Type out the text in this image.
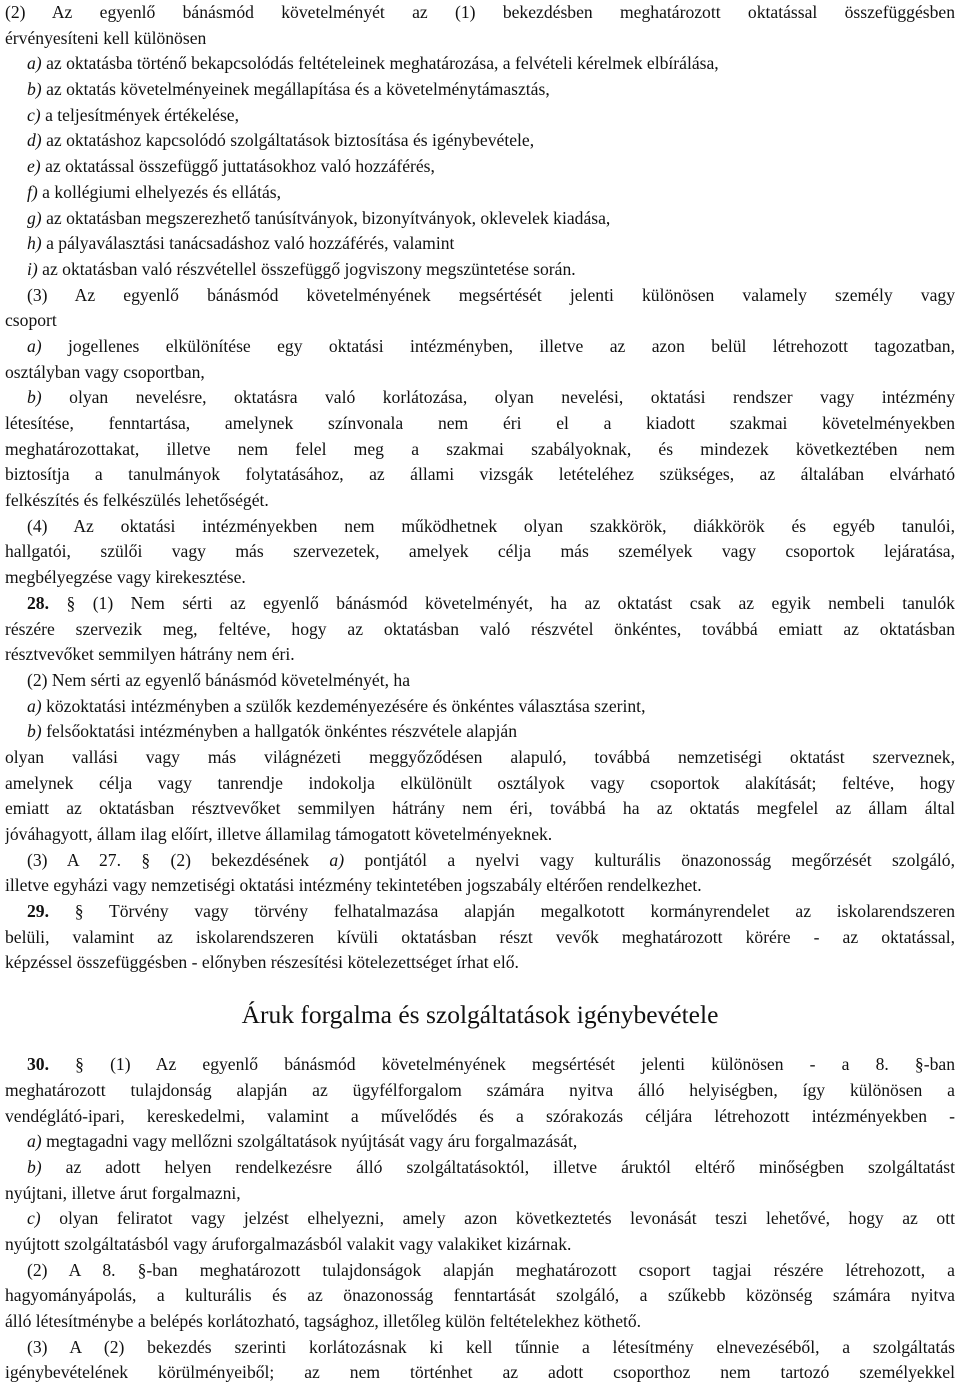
(2) Az egyenlő bánásmód követelményét az (1) bekezdésben meghatározott oktatással összefüggésben
érvényesíteni kell különösen
a) az oktatásba történő bekapcsolódás feltételeinek meghatározása, a felvételi kérelmek elbírálása,
b) az oktatás követelményeinek megállapítása és a követelménytámasztás,
c) a teljesítmények értékelése,
d) az oktatáshoz kapcsolódó szolgáltatások biztosítása és igénybevétele,
e) az oktatással összefüggő juttatásokhoz való hozzáférés,
f) a kollégiumi elhelyezés és ellátás,
g) az oktatásban megszerezhető tanúsítványok, bizonyítványok, oklevelek kiadása,
h) a pályaválasztási tanácsadáshoz való hozzáférés, valamint
i) az oktatásban való részvétellel összefüggő jogviszony megszüntetése során.
(3) Az egyenlő bánásmód követelményének megsértését jelenti különösen valamely személy vagy
csoport
a) jogellenes elkülönítése egy oktatási intézményben, illetve az azon belül létrehozott tagozatban,
osztályban vagy csoportban,
b) olyan nevelésre, oktatásra való korlátozása, olyan nevelési, oktatási rendszer vagy intézmény
létesítése, fenntartása, amelynek színvonala nem éri el a kiadott szakmai követelményekben
meghatározottakat, illetve nem felel meg a szakmai szabályoknak, és mindezek következtében nem
biztosítja a tanulmányok folytatásához, az állami vizsgák letételéhez szükséges, az általában elvárható
felkészítés és felkészülés lehetőségét.
(4) Az oktatási intézményekben nem működhetnek olyan szakkörök, diákkörök és egyéb tanulói,
hallgatói, szülői vagy más szervezetek, amelyek célja más személyek vagy csoportok lejáratása,
megbélyegzése vagy kirekesztése.
28. § (1) Nem sérti az egyenlő bánásmód követelményét, ha az oktatást csak az egyik nembeli tanulók
részére szervezik meg, feltéve, hogy az oktatásban való részvétel önkéntes, továbbá emiatt az oktatásban
résztvevőket semmilyen hátrány nem éri.
(2) Nem sérti az egyenlő bánásmód követelményét, ha
a) közoktatási intézményben a szülők kezdeményezésére és önkéntes választása szerint,
b) felsőoktatási intézményben a hallgatók önkéntes részvétele alapján
olyan vallási vagy más világnézeti meggyőződésen alapuló, továbbá nemzetiségi oktatást szerveznek,
amelynek célja vagy tanrendje indokolja elkülönült osztályok vagy csoportok alakítását; feltéve, hogy
emiatt az oktatásban résztvevőket semmilyen hátrány nem éri, továbbá ha az oktatás megfelel az állam által
jóváhagyott, állam ilag előírt, illetve államilag támogatott követelményeknek.
(3) A 27. § (2) bekezdésének a) pontjától a nyelvi vagy kulturális önazonosság megőrzését szolgáló,
illetve egyházi vagy nemzetiségi oktatási intézmény tekintetében jogszabály eltérően rendelkezhet.
29. § Törvény vagy törvény felhatalmazása alapján megalkotott kormányrendelet az iskolarendszeren
belüli, valamint az iskolarendszeren kívüli oktatásban részt vevők meghatározott körére - az oktatással,
képzéssel összefüggésben - előnyben részesítési kötelezettséget írhat elő.
Áruk forgalma és szolgáltatások igénybevétele
30. § (1) Az egyenlő bánásmód követelményének megsértését jelenti különösen - a 8. §-ban
meghatározott tulajdonság alapján az ügyfélforgalom számára nyitva álló helyiségben, így különösen a
vendéglátó-ipari, kereskedelmi, valamint a művelődés és a szórakozás céljára létrehozott intézményekben -
a) megtagadni vagy mellőzni szolgáltatások nyújtását vagy áru forgalmazását,
b) az adott helyen rendelkezésre álló szolgáltatásoktól, illetve áruktól eltérő minőségben szolgáltatást
nyújtani, illetve árut forgalmazni,
c) olyan feliratot vagy jelzést elhelyezni, amely azon következtetés levonását teszi lehetővé, hogy az ott
nyújtott szolgáltatásból vagy áruforgalmazásból valakit vagy valakiket kizárnak.
(2) A 8. §-ban meghatározott tulajdonságok alapján meghatározott csoport tagjai részére létrehozott, a
hagyományápolás, a kulturális és az önazonosság fenntartását szolgáló, a szűkebb közönség számára nyitva
álló létesítménybe a belépés korlátozható, tagsághoz, illetőleg külön feltételekhez köthető.
(3) A (2) bekezdés szerinti korlátozásnak ki kell tűnnie a létesítmény elnevezéséből, a szolgáltatás
igénybevételének körülményeiből; az nem történhet az adott csoporthoz nem tartozó személyekkel
